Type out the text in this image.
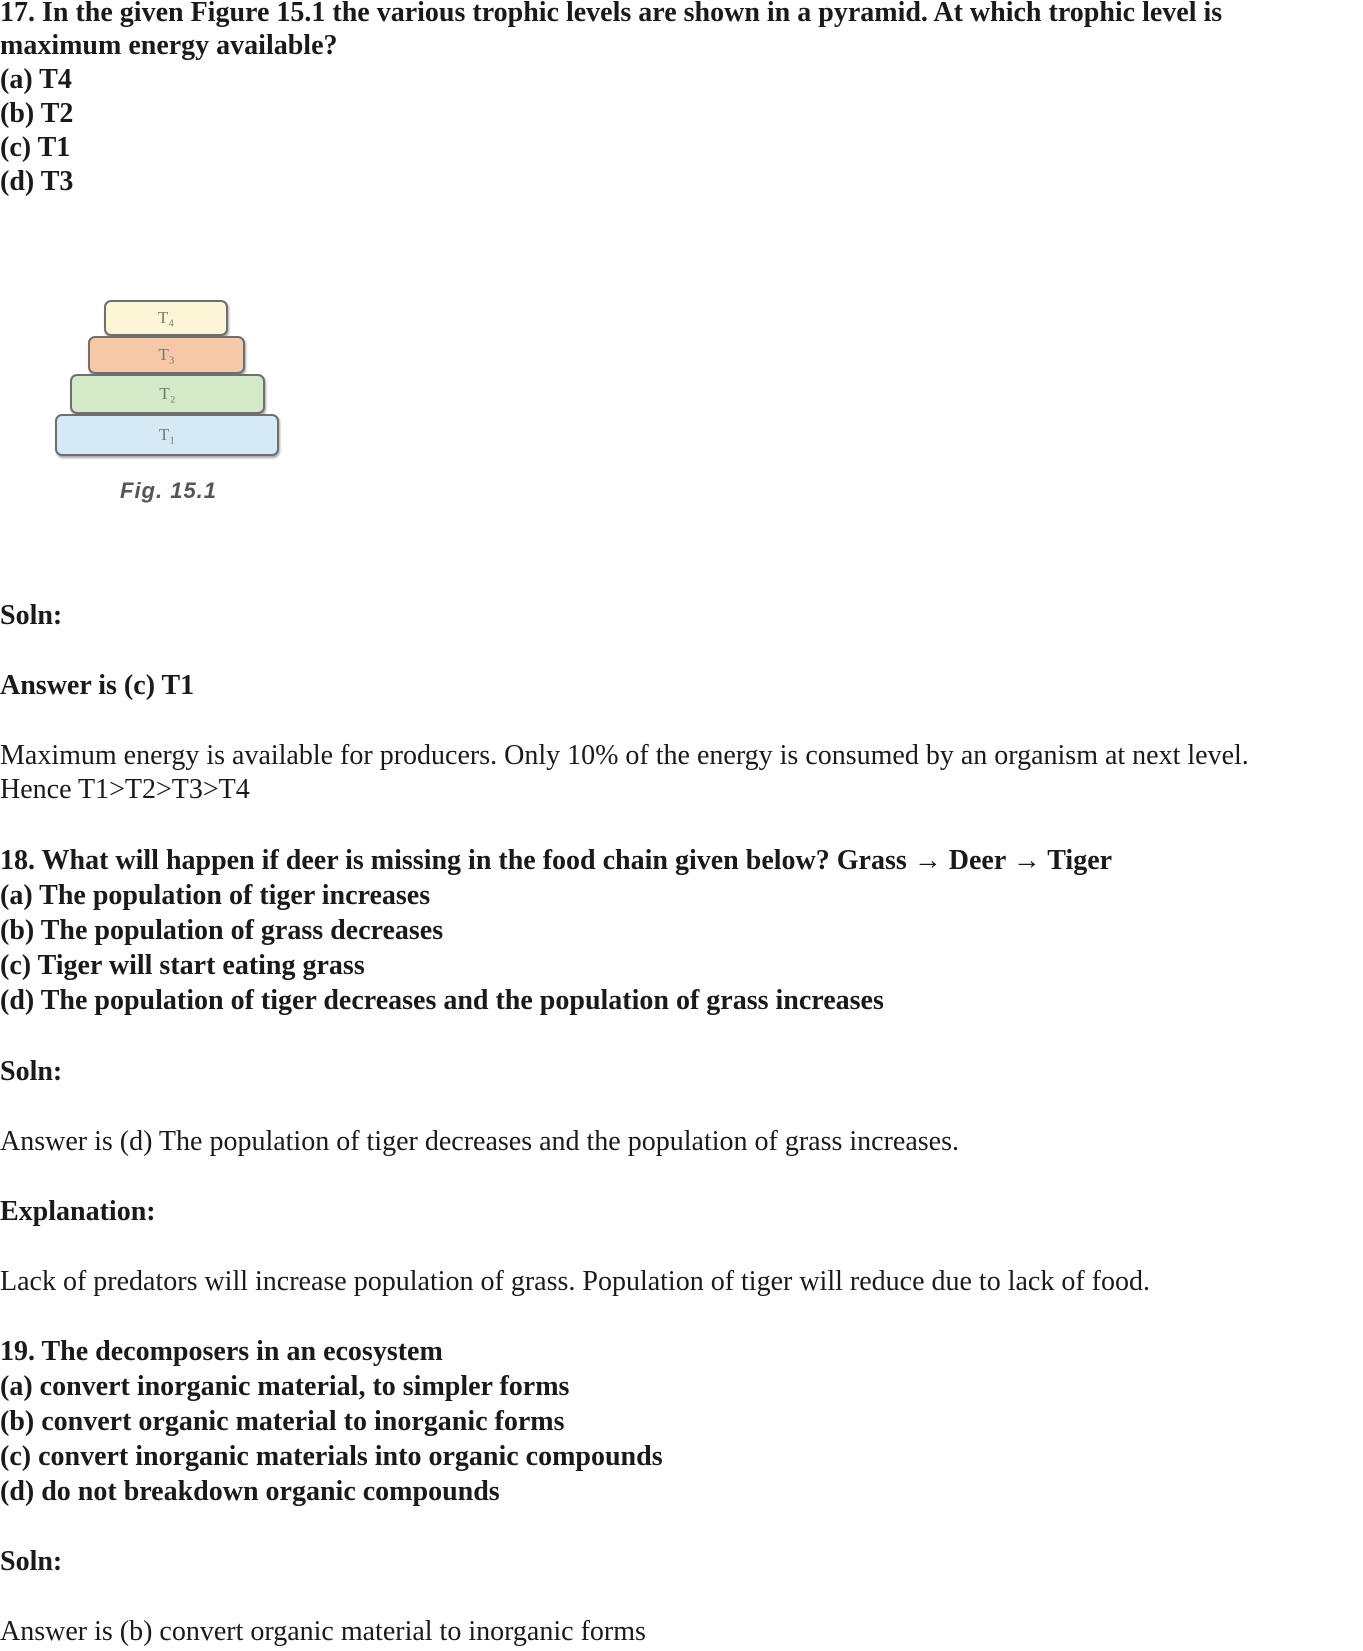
17. In the given Figure 15.1 the various trophic levels are shown in a pyramid. At which trophic level is
maximum energy available?
(a) T4
(b) T2
(c) T1
(d) T3
T₄
T₃
T₂
T₁
Fig. 15.1
Soln:
Answer is (c) T1
Maximum energy is available for producers. Only 10% of the energy is consumed by an organism at next level.
Hence T1>T2>T3>T4
18. What will happen if deer is missing in the food chain given below? Grass → Deer → Tiger
(a) The population of tiger increases
(b) The population of grass decreases
(c) Tiger will start eating grass
(d) The population of tiger decreases and the population of grass increases
Soln:
Answer is (d) The population of tiger decreases and the population of grass increases.
Explanation:
Lack of predators will increase population of grass. Population of tiger will reduce due to lack of food.
19. The decomposers in an ecosystem
(a) convert inorganic material, to simpler forms
(b) convert organic material to inorganic forms
(c) convert inorganic materials into organic compounds
(d) do not breakdown organic compounds
Soln:
Answer is (b) convert organic material to inorganic forms
